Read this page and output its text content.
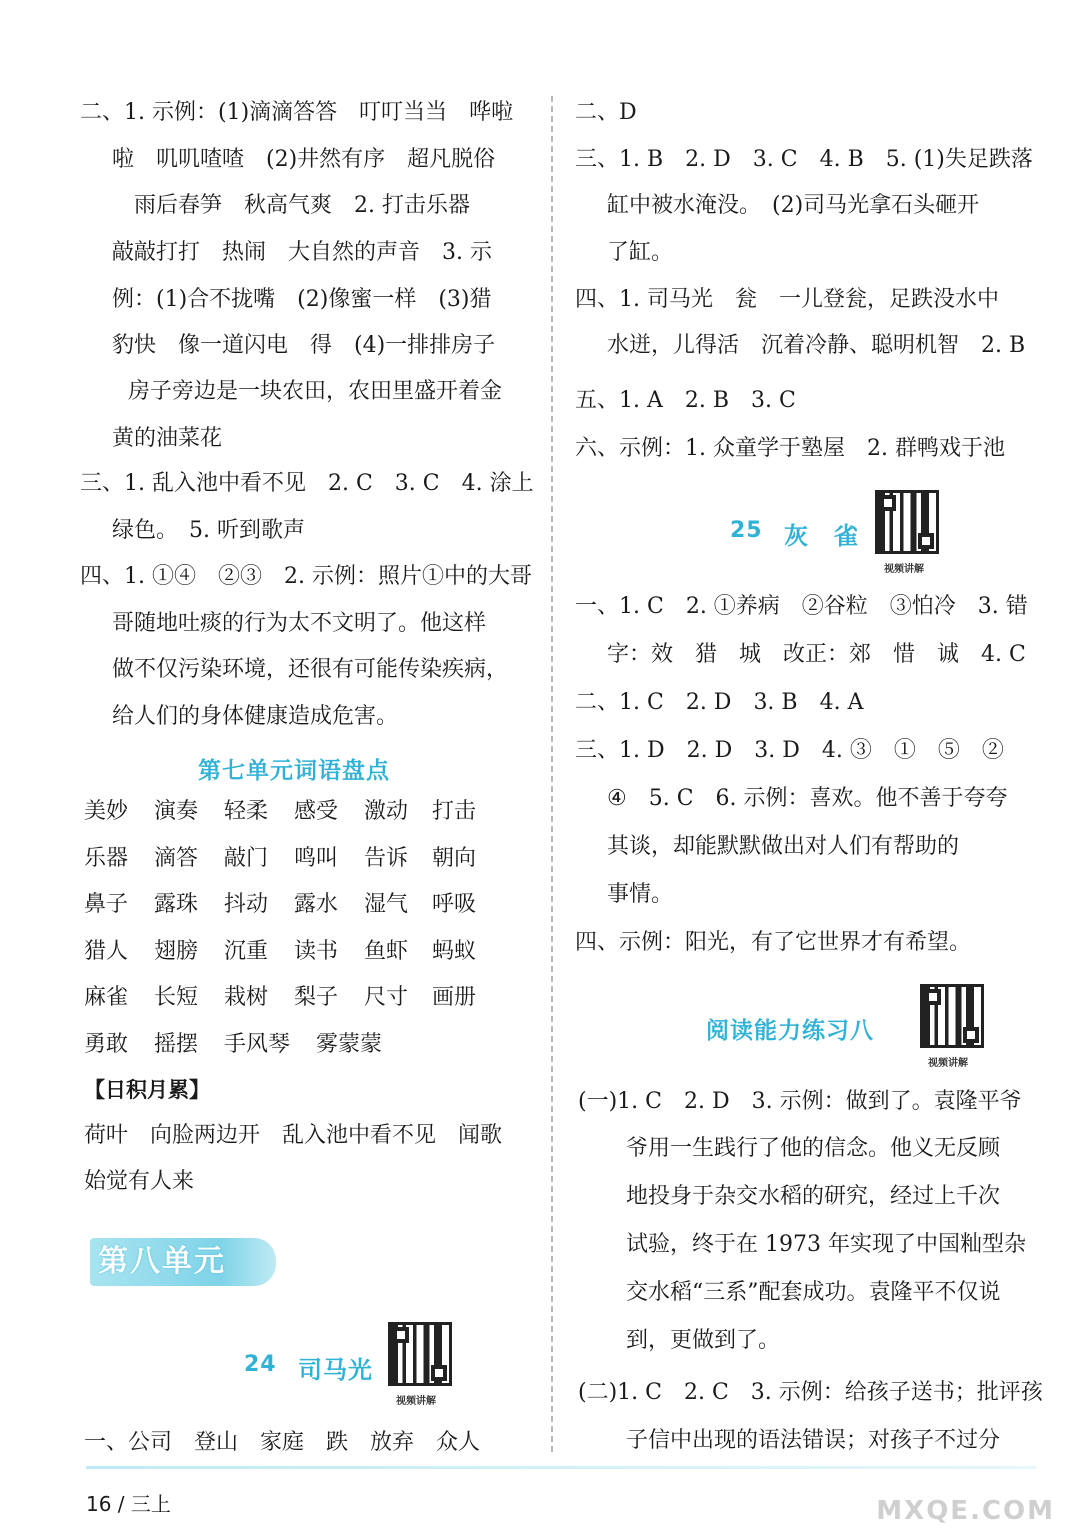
二、1. 示例：(1)滴滴答答　叮叮当当　哗啦
啦　叽叽喳喳　(2)井然有序　超凡脱俗
雨后春笋　秋高气爽　2. 打击乐器
敲敲打打　热闹　大自然的声音　3. 示
例：(1)合不拢嘴　(2)像蜜一样　(3)猎
豹快　像一道闪电　得　(4)一排排房子
房子旁边是一块农田，农田里盛开着金
黄的油菜花
三、1. 乱入池中看不见　2. C　3. C　4. 涂上
绿色。　5. 听到歌声
四、1. ①④　②③　2. 示例：照片①中的大哥
哥随地吐痰的行为太不文明了。他这样
做不仅污染环境，还很有可能传染疾病，
给人们的身体健康造成危害。
第七单元词语盘点
美妙 演奏 轻柔 感受 激动 打击
乐器 滴答 敲门 鸣叫 告诉 朝向
鼻子 露珠 抖动 露水 湿气 呼吸
猎人 翅膀 沉重 读书 鱼虾 蚂蚁
麻雀 长短 栽树 梨子 尺寸 画册
勇敢 摇摆 手风琴 雾蒙蒙
【日积月累】
荷叶　向脸两边开　乱入池中看不见　闻歌
始觉有人来
第八单元
24 司马光
视频讲解
一、公司　登山　家庭　跌　放弃　众人
二、D
三、1. B　2. D　3. C　4. B　5. (1)失足跌落
缸中被水淹没。　(2)司马光拿石头砸开
了缸。
四、1. 司马光　瓮　一儿登瓮，足跌没水中
水迸，儿得活　沉着冷静、聪明机智　2. B
五、1. A　2. B　3. C
六、示例：1. 众童学于塾屋　2. 群鸭戏于池
25 灰　雀
视频讲解
一、1. C　2. ①养病　②谷粒　③怕冷　3. 错
字：效　猎　城　改正：郊　惜　诚　4. C
二、1. C　2. D　3. B　4. A
三、1. D　2. D　3. D　4. ③　①　⑤　②
④　5. C　6. 示例：喜欢。他不善于夸夸
其谈，却能默默做出对人们有帮助的
事情。
四、示例：阳光，有了它世界才有希望。
阅读能力练习八
视频讲解
(一)1. C　2. D　3. 示例：做到了。袁隆平爷
爷用一生践行了他的信念。他义无反顾
地投身于杂交水稻的研究，经过上千次
试验，终于在 1973 年实现了中国籼型杂
交水稻“三系”配套成功。袁隆平不仅说
到，更做到了。
(二)1. C　2. C　3. 示例：给孩子送书；批评孩
子信中出现的语法错误；对孩子不过分
16 / 三上	MXQE.COM
